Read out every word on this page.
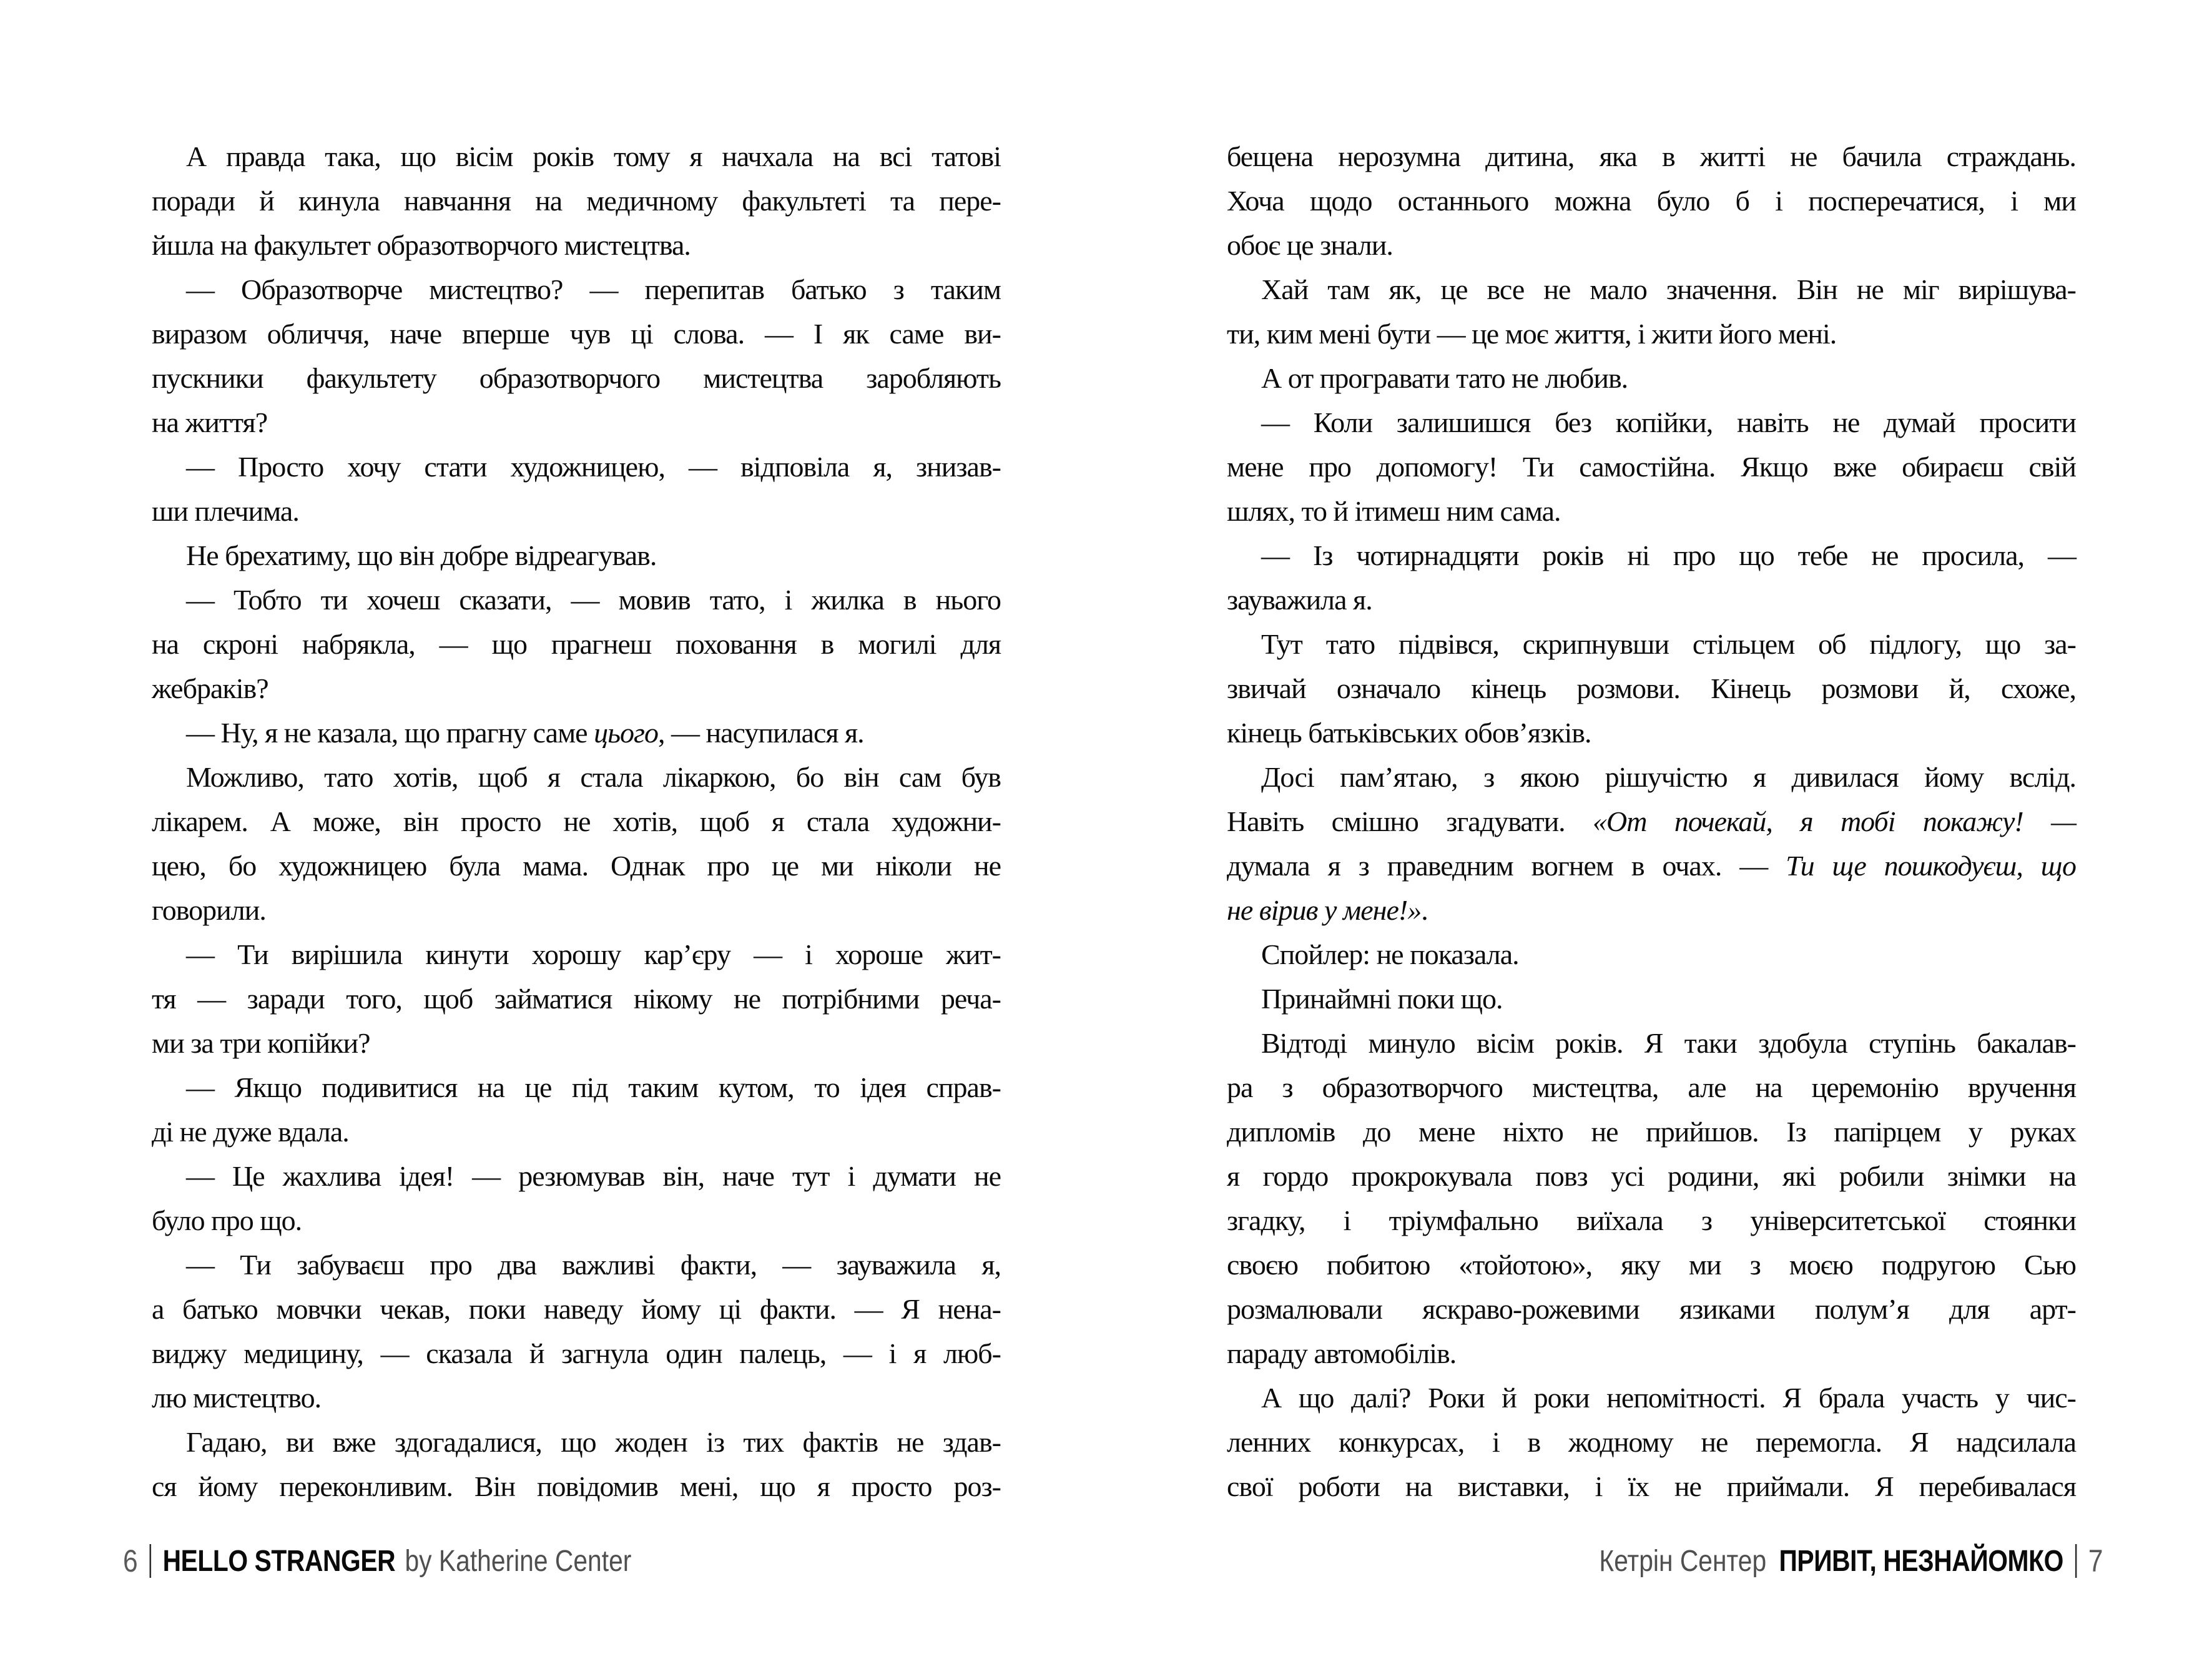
А правда така, що вісім років тому я начхала на всі татові
поради й кинула навчання на медичному факультеті та пере-
йшла на факультет образотворчого мистецтва.
— Образотворче мистецтво? — перепитав батько з таким
виразом обличчя, наче вперше чув ці слова. — І як саме ви-
пускники факультету образотворчого мистецтва заробляють
на життя?
— Просто хочу стати художницею, — відповіла я, знизав-
ши плечима.
Не брехатиму, що він добре відреагував.
— Тобто ти хочеш сказати, — мовив тато, і жилка в нього
на скроні набрякла, — що прагнеш поховання в могилі для
жебраків?
— Ну, я не казала, що прагну саме цього, — насупилася я.
Можливо, тато хотів, щоб я стала лікаркою, бо він сам був
лікарем. А може, він просто не хотів, щоб я стала художни-
цею, бо художницею була мама. Однак про це ми ніколи не
говорили.
— Ти вирішила кинути хорошу кар’єру — і хороше жит-
тя — заради того, щоб займатися нікому не потрібними реча-
ми за три копійки?
— Якщо подивитися на це під таким кутом, то ідея справ-
ді не дуже вдала.
— Це жахлива ідея! — резюмував він, наче тут і думати не
було про що.
— Ти забуваєш про два важливі факти, — зауважила я,
а батько мовчки чекав, поки наведу йому ці факти. — Я нена-
виджу медицину, — сказала й загнула один палець, — і я люб-
лю мистецтво.
Гадаю, ви вже здогадалися, що жоден із тих фактів не здав-
ся йому переконливим. Він повідомив мені, що я просто роз-
6 HELLO STRANGER by Katherine Center
бещена нерозумна дитина, яка в житті не бачила страждань.
Хоча щодо останнього можна було б і посперечатися, і ми
обоє це знали.
Хай там як, це все не мало значення. Він не міг вирішува-
ти, ким мені бути — це моє життя, і жити його мені.
А от програвати тато не любив.
— Коли залишишся без копійки, навіть не думай просити
мене про допомогу! Ти самостійна. Якщо вже обираєш свій
шлях, то й ітимеш ним сама.
— Із чотирнадцяти років ні про що тебе не просила, —
зауважила я.
Тут тато підвівся, скрипнувши стільцем об підлогу, що за-
звичай означало кінець розмови. Кінець розмови й, схоже,
кінець батьківських обов’язків.
Досі пам’ятаю, з якою рішучістю я дивилася йому вслід.
Навіть смішно згадувати. «От почекай, я тобі покажу! —
думала я з праведним вогнем в очах. — Ти ще пошкодуєш, що
не вірив у мене!».
Спойлер: не показала.
Принаймні поки що.
Відтоді минуло вісім років. Я таки здобула ступінь бакалав-
ра з образотворчого мистецтва, але на церемонію вручення
дипломів до мене ніхто не прийшов. Із папірцем у руках
я гордо прокрокувала повз усі родини, які робили знімки на
згадку, і тріумфально виїхала з університетської стоянки
своєю побитою «тойотою», яку ми з моєю подругою Сью
розмалювали яскраво-рожевими язиками полум’я для арт-
параду автомобілів.
А що далі? Роки й роки непомітності. Я брала участь у чис-
ленних конкурсах, і в жодному не перемогла. Я надсилала
свої роботи на виставки, і їх не приймали. Я перебивалася
Кетрін Сентер ПРИВІТ, НЕЗНАЙОМКО 7
